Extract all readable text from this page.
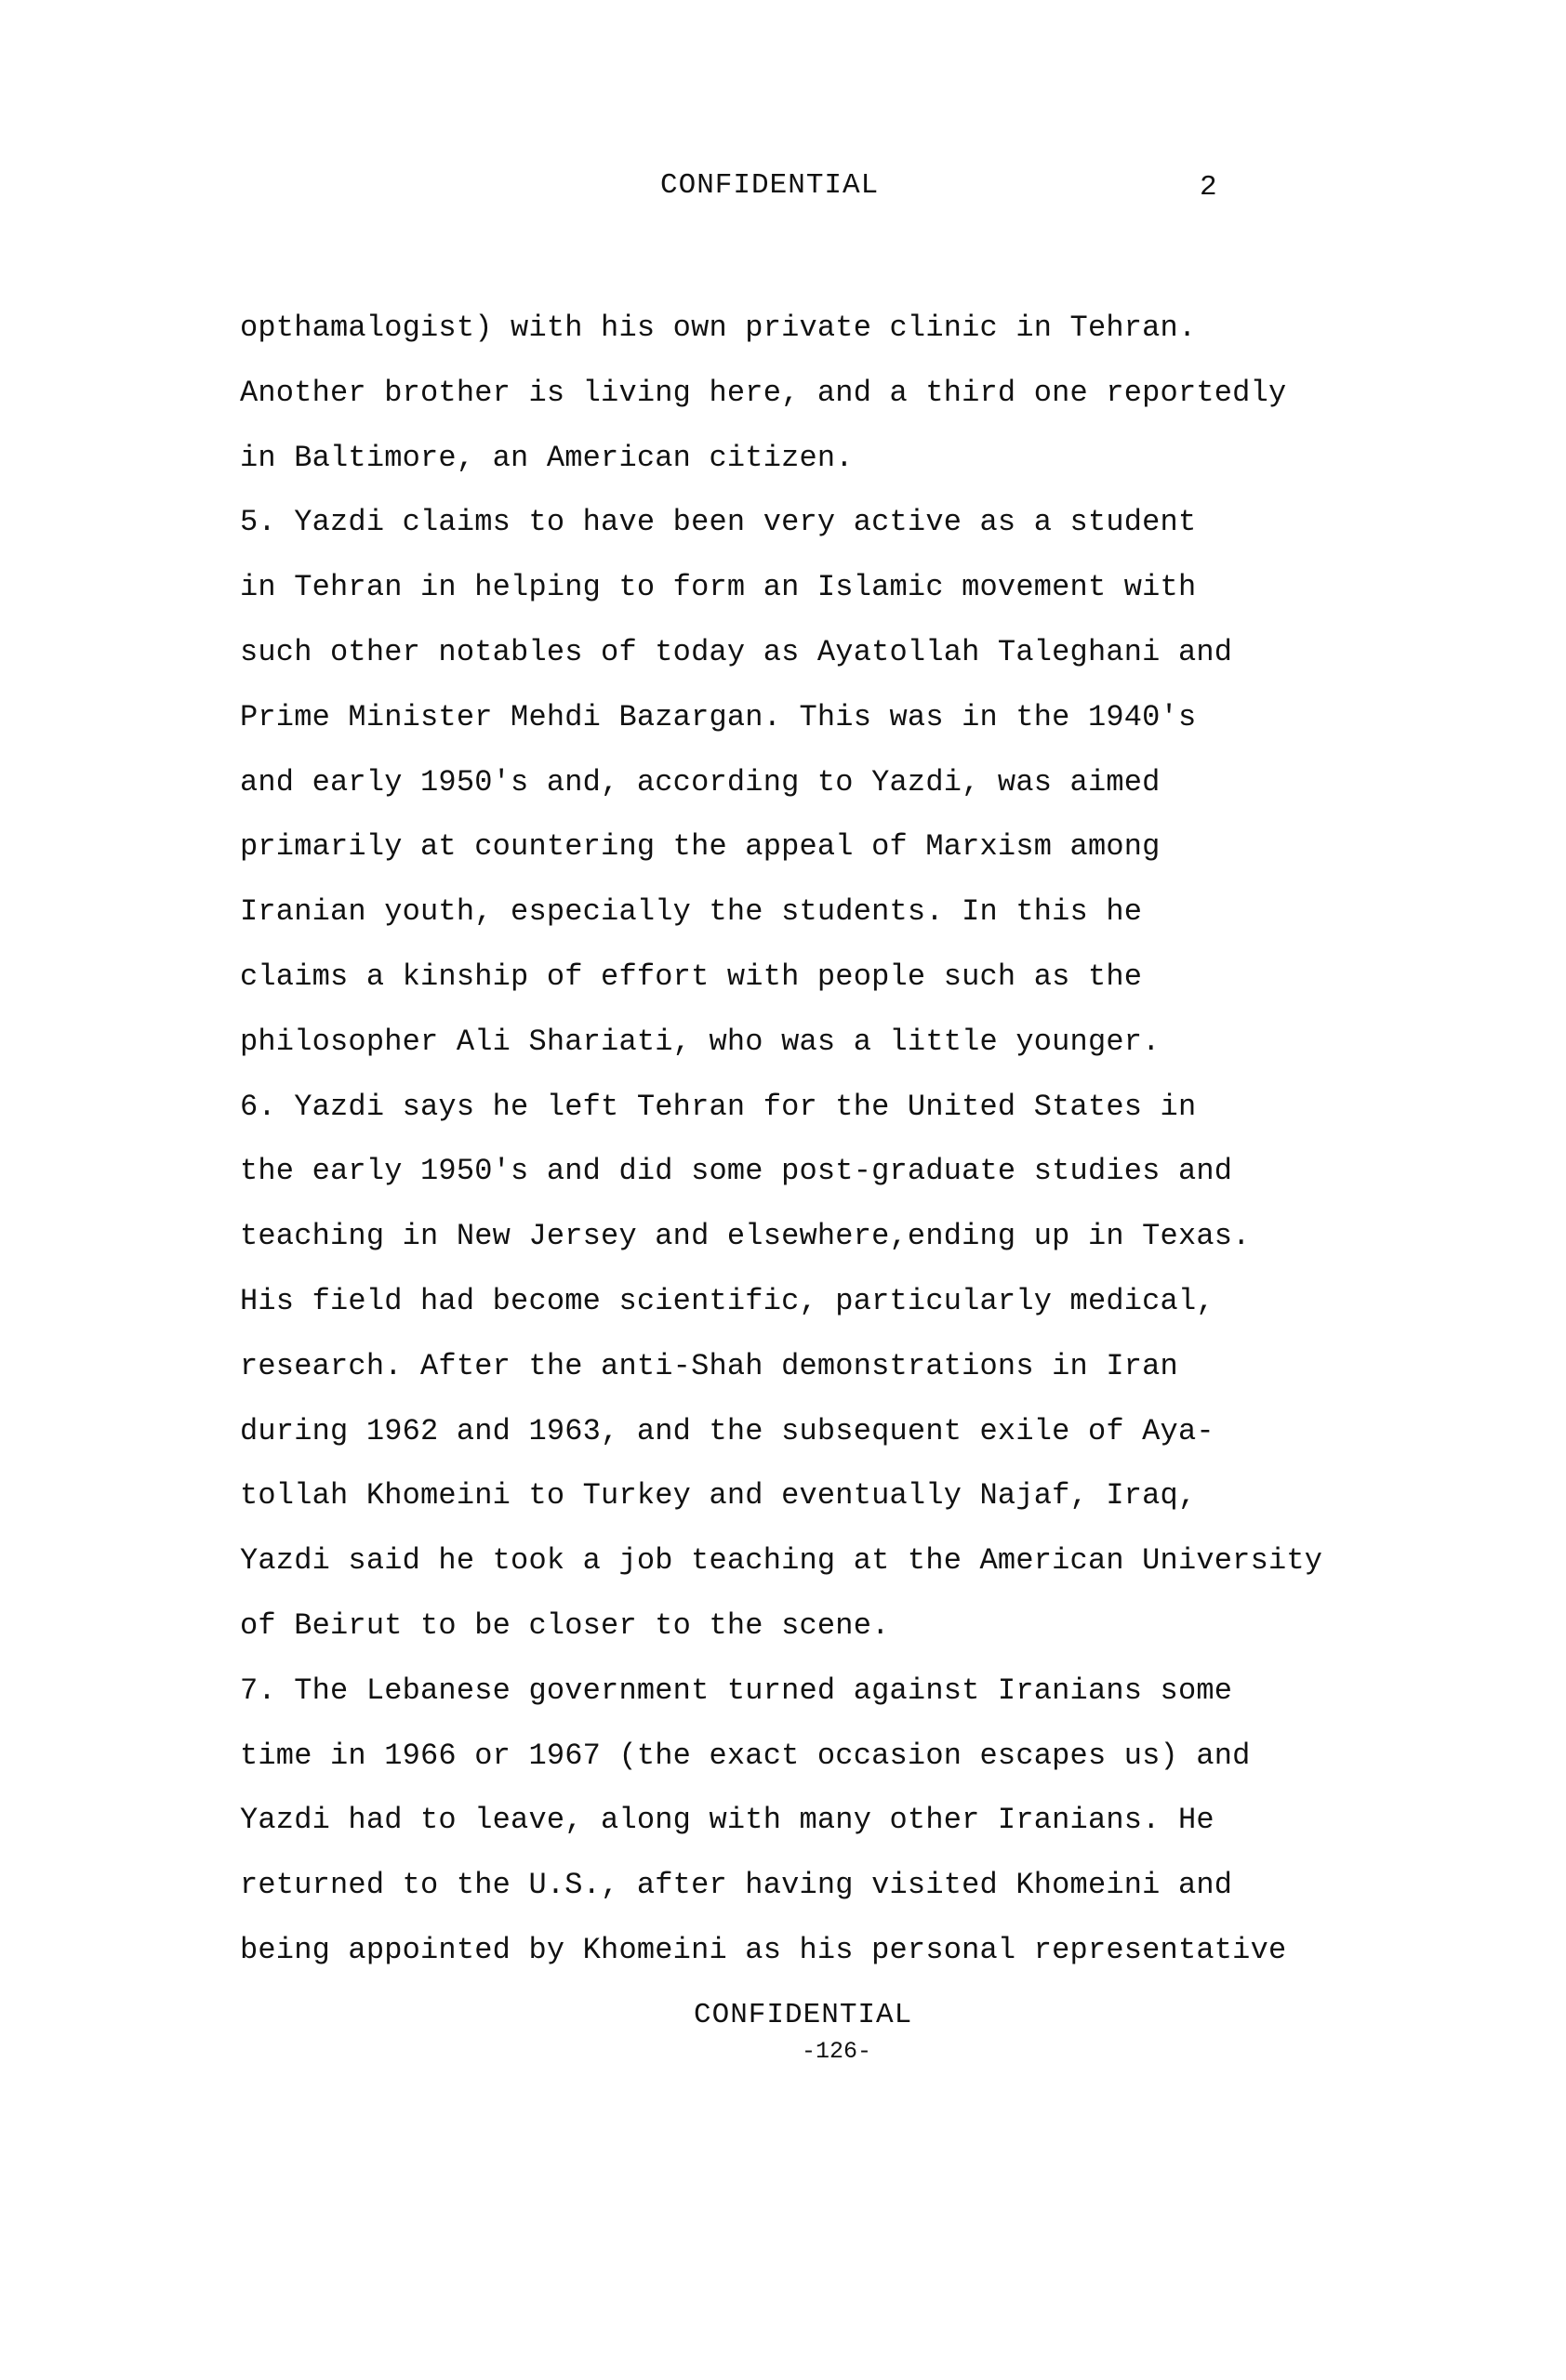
CONFIDENTIAL	2
opthamalogist) with his own private clinic in Tehran.
Another brother is living here, and a third one reportedly
in Baltimore, an American citizen.
5. Yazdi claims to have been very active as a student
in Tehran in helping to form an Islamic movement with
such other notables of today as Ayatollah Taleghani and
Prime Minister Mehdi Bazargan. This was in the 1940's
and early 1950's and, according to Yazdi, was aimed
primarily at countering the appeal of Marxism among
Iranian youth, especially the students. In this he
claims a kinship of effort with people such as the
philosopher Ali Shariati, who was a little younger.
6. Yazdi says he left Tehran for the United States in
the early 1950's and did some post-graduate studies and
teaching in New Jersey and elsewhere,ending up in Texas.
His field had become scientific, particularly medical,
research. After the anti-Shah demonstrations in Iran
during 1962 and 1963, and the subsequent exile of Aya-
tollah Khomeini to Turkey and eventually Najaf, Iraq,
Yazdi said he took a job teaching at the American University
of Beirut to be closer to the scene.
7. The Lebanese government turned against Iranians some
time in 1966 or 1967 (the exact occasion escapes us) and
Yazdi had to leave, along with many other Iranians. He
returned to the U.S., after having visited Khomeini and
being appointed by Khomeini as his personal representative
CONFIDENTIAL
-126-
